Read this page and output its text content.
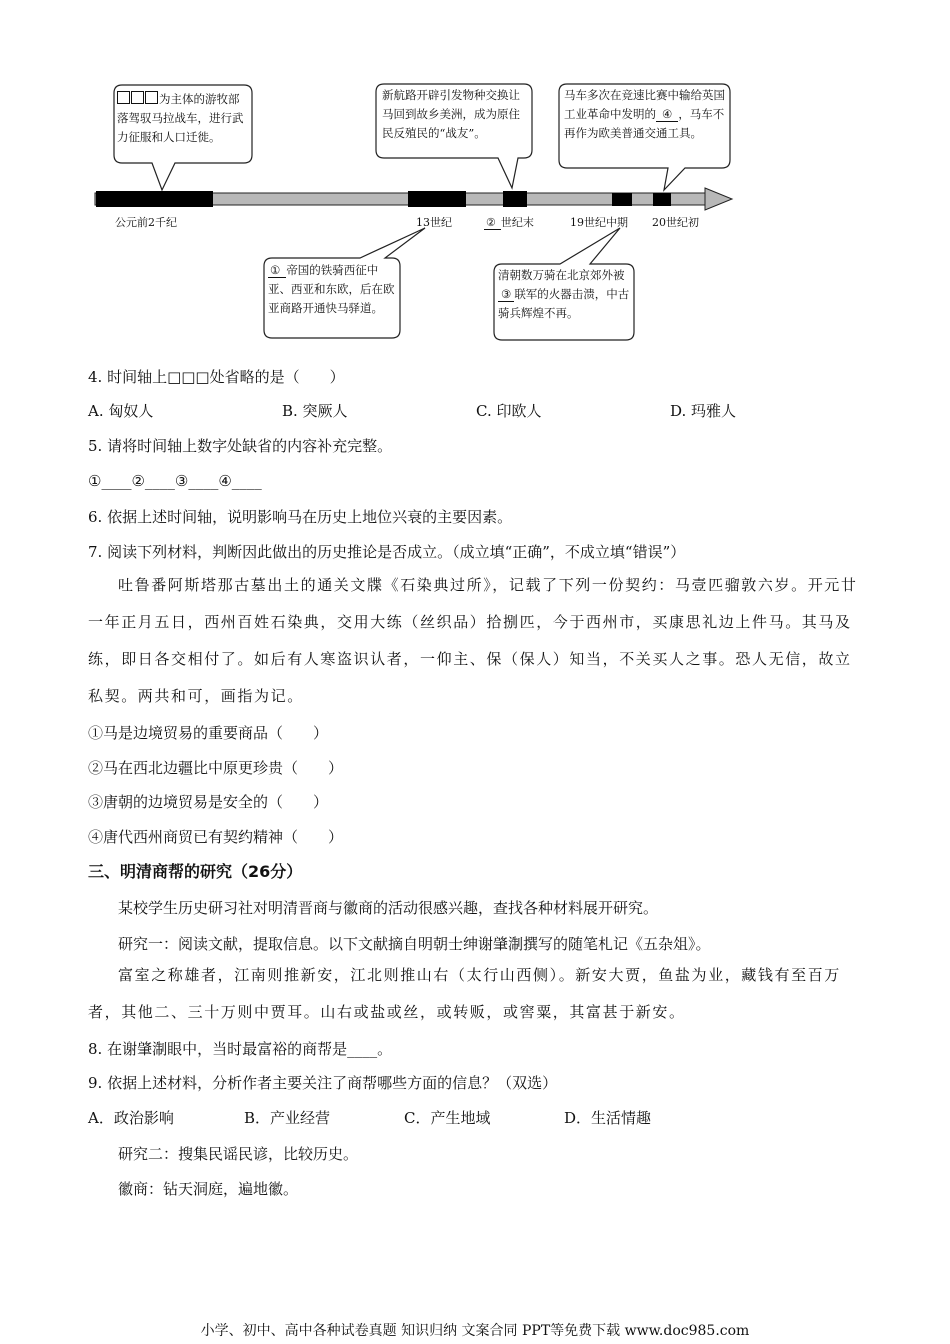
为主体的游牧部落驾驭马拉战车，进行武力征服和人口迁徙。
新航路开辟引发物种交换让马回到故乡美洲，成为原住民反殖民的“战友”。
马车多次在竞速比赛中输给英国工业革命中发明的 ④ ，马车不再作为欧美普通交通工具。
① 帝国的铁骑西征中亚、西亚和东欧，后在欧亚商路开通快马驿道。
清朝数万骑在北京郊外被③ 联军的火器击溃，中古骑兵辉煌不再。
公元前2千纪	13世纪	② 世纪末	19世纪中期 20世纪初
4. 时间轴上□□□处省略的是（　　）
A. 匈奴人	B. 突厥人	C. 印欧人	D. 玛雅人
5. 请将时间轴上数字处缺省的内容补充完整。
①____②____③____④____
6. 依据上述时间轴，说明影响马在历史上地位兴衰的主要因素。
7. 阅读下列材料，判断因此做出的历史推论是否成立。（成立填“正确”，不成立填“错误”）
吐鲁番阿斯塔那古墓出土的通关文牒《石染典过所》，记载了下列一份契约：马壹匹骝敦六岁。开元廿一年正月五日，西州百姓石染典，交用大练（丝织品）拾捌匹，今于西州市，买康思礼边上件马。其马及练，即日各交相付了。如后有人寒盗识认者，一仰主、保（保人）知当，不关买人之事。恐人无信，故立私契。两共和可，画指为记。
①马是边境贸易的重要商品（　　）
②马在西北边疆比中原更珍贵（　　）
③唐朝的边境贸易是安全的（　　）
④唐代西州商贸已有契约精神（　　）
三、明清商帮的研究（26分）
某校学生历史研习社对明清晋商与徽商的活动很感兴趣，查找各种材料展开研究。
研究一：阅读文献，提取信息。以下文献摘自明朝士绅谢肇淛撰写的随笔札记《五杂俎》。
富室之称雄者，江南则推新安，江北则推山右（太行山西侧）。新安大贾，鱼盐为业，藏钱有至百万者，其他二、三十万则中贾耳。山右或盐或丝，或转贩，或窖粟，其富甚于新安。
8. 在谢肇淛眼中，当时最富裕的商帮是____。
9. 依据上述材料，分析作者主要关注了商帮哪些方面的信息？（双选）
A．政治影响	B．产业经营	C．产生地域	D．生活情趣
研究二：搜集民谣民谚，比较历史。
徽商：钻天洞庭，遍地徽。
小学、初中、高中各种试卷真题 知识归纳 文案合同 PPT等免费下载 www.doc985.com
